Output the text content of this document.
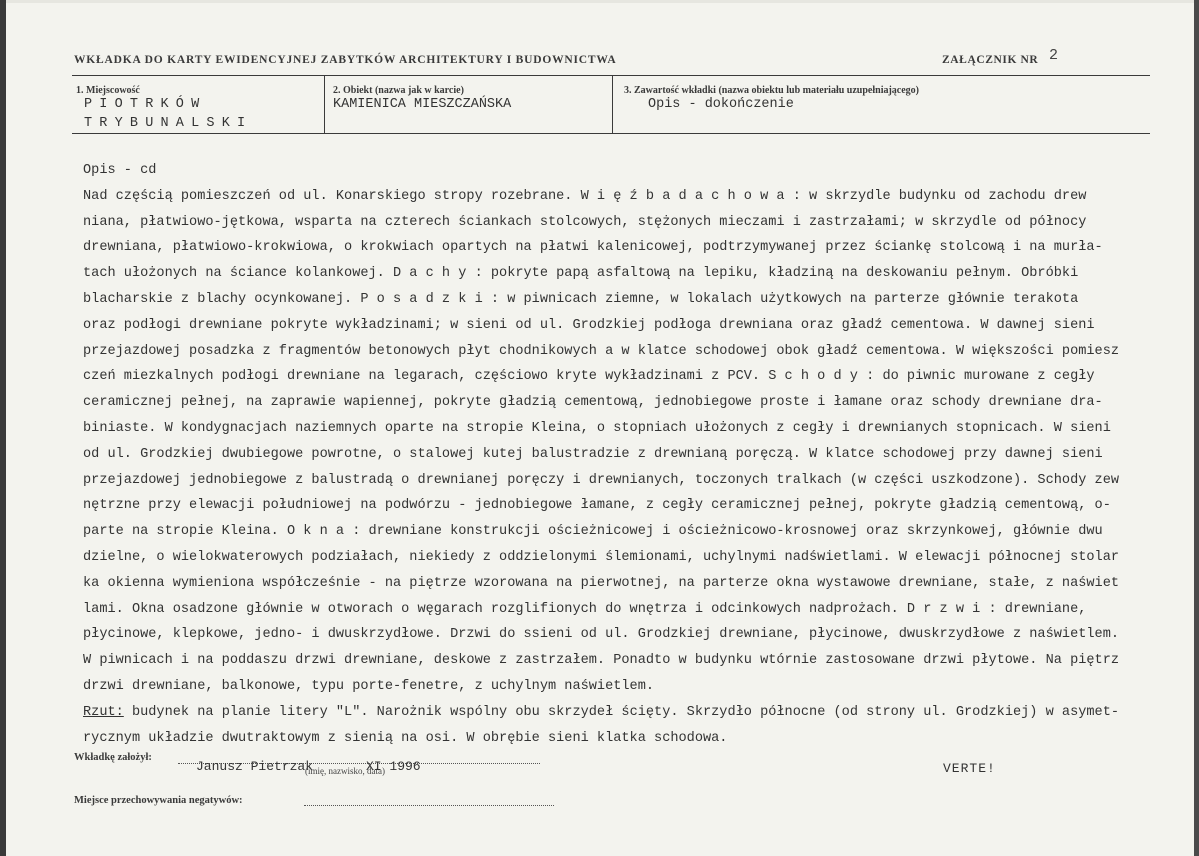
WKŁADKA DO KARTY EWIDENCYJNEJ ZABYTKÓW ARCHITEKTURY I BUDOWNICTWA	ZAŁĄCZNIK NR 2
1. Miejscowość
PIOTRKÓW
TRYBUNALSKI
2. Obiekt (nazwa jak w karcie)
KAMIENICA MIESZCZAŃSKA
3. Zawartość wkładki (nazwa obiektu lub materiału uzupełniającego)
Opis - dokończenie
Opis - cd
Nad częścią pomieszczeń od ul. Konarskiego stropy rozebrane. W i ę ź b a d a c h o w a : w skrzydle budynku od zachodu drew
niana, płatwiowo-jętkowa, wsparta na czterech ściankach stolcowych, stężonych mieczami i zastrzałami; w skrzydle od północy
drewniana, płatwiowo-krokwiowa, o krokwiach opartych na płatwi kalenicowej, podtrzymywanej przez ściankę stolcową i na murła-
tach ułożonych na ściance kolankowej. D a c h y : pokryte papą asfaltową na lepiku, kładziną na deskowaniu pełnym. Obróbki
blacharskie z blachy ocynkowanej. P o s a d z k i : w piwnicach ziemne, w lokalach użytkowych na parterze głównie terakota
oraz podłogi drewniane pokryte wykładzinami; w sieni od ul. Grodzkiej podłoga drewniana oraz gładź cementowa. W dawnej sieni
przejazdowej posadzka z fragmentów betonowych płyt chodnikowych a w klatce schodowej obok gładź cementowa. W większości pomiesz
czeń miezkalnych podłogi drewniane na legarach, częściowo kryte wykładzinami z PCV. S c h o d y : do piwnic murowane z cegły
ceramicznej pełnej, na zaprawie wapiennej, pokryte gładzią cementową, jednobiegowe proste i łamane oraz schody drewniane dra-
biniaste. W kondygnacjach naziemnych oparte na stropie Kleina, o stopniach ułożonych z cegły i drewnianych stopnicach. W sieni
od ul. Grodzkiej dwubiegowe powrotne, o stalowej kutej balustradzie z drewnianą poręczą. W klatce schodowej przy dawnej sieni
przejazdowej jednobiegowe z balustradą o drewnianej poręczy i drewnianych, toczonych tralkach (w części uszkodzone). Schody zew
nętrzne przy elewacji południowej na podwórzu - jednobiegowe łamane, z cegły ceramicznej pełnej, pokryte gładzią cementową, o-
parte na stropie Kleina. O k n a : drewniane konstrukcji ościeżnicowej i ościeżnicowo-krosnowej oraz skrzynkowej, głównie dwu
dzielne, o wielokwaterowych podziałach, niekiedy z oddzielonymi ślemionami, uchylnymi nadświetlami. W elewacji północnej stolar
ka okienna wymieniona współcześnie - na piętrze wzorowana na pierwotnej, na parterze okna wystawowe drewniane, stałe, z naświet
lami. Okna osadzone głównie w otworach o węgarach rozglifionych do wnętrza i odcinkowych nadprożach. D r z w i : drewniane,
płycinowe, klepkowe, jedno- i dwuskrzydłowe. Drzwi do ssieni od ul. Grodzkiej drewniane, płycinowe, dwuskrzydłowe z naświetlem.
W piwnicach i na poddaszu drzwi drewniane, deskowe z zastrzałem. Ponadto w budynku wtórnie zastosowane drzwi płytowe. Na piętrz
drzwi drewniane, balkonowe, typu porte-fenetre, z uchylnym naświetlem.
Rzut: budynek na planie litery "L". Narożnik wspólny obu skrzydeł ścięty. Skrzydło północne (od strony ul. Grodzkiej) w asymet-
rycznym układzie dwutraktowym z sienią na osi. W obrębie sieni klatka schodowa.
Wkładkę założył:
Janusz Pietrzak
(imię, nazwisko, data)
XI 1996	VERTE!
Miejsce przechowywania negatywów:
